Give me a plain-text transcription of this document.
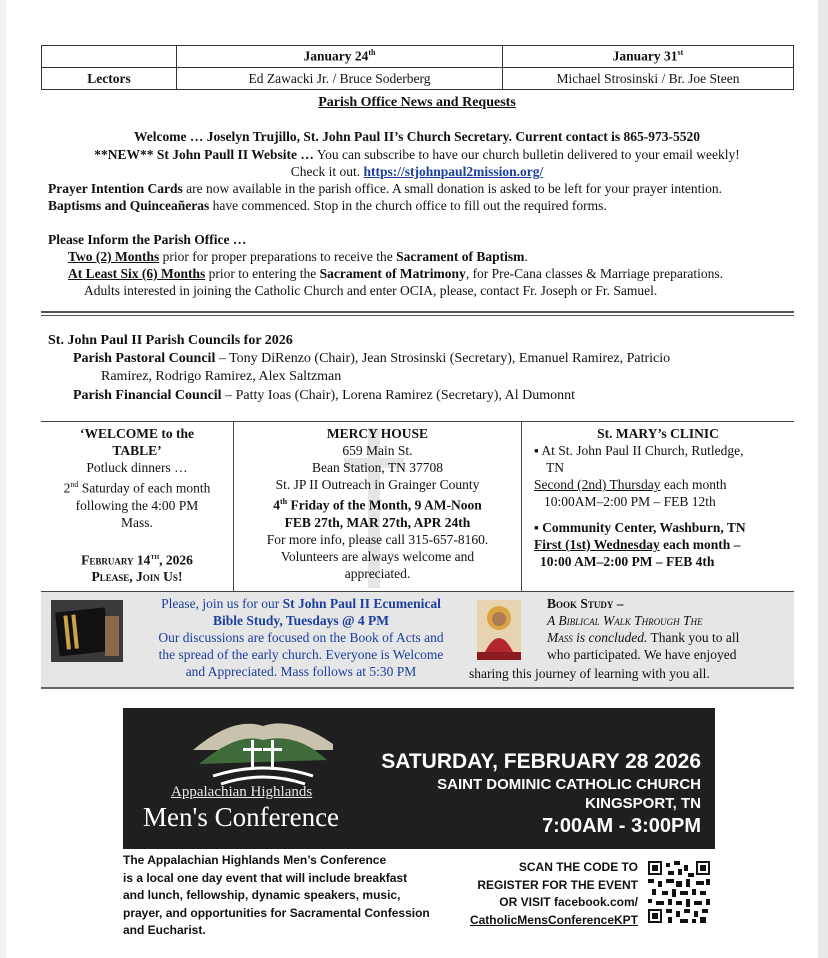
	January 24th	January 31st
Lectors	Ed Zawacki Jr. / Bruce Soderberg	Michael Strosinski / Br. Joe Steen
Parish Office News and Requests
Welcome … Joselyn Trujillo, St. John Paul II’s Church Secretary. Current contact is 865-973-5520
**NEW** St John Paull II Website … You can subscribe to have our church bulletin delivered to your email weekly!
Check it out. https://stjohnpaul2mission.org/
Prayer Intention Cards are now available in the parish office. A small donation is asked to be left for your prayer intention.
Baptisms and Quinceañeras have commenced. Stop in the church office to fill out the required forms.
Please Inform the Parish Office …
Two (2) Months prior for proper preparations to receive the Sacrament of Baptism.
At Least Six (6) Months prior to entering the Sacrament of Matrimony, for Pre-Cana classes & Marriage preparations.
Adults interested in joining the Catholic Church and enter OCIA, please, contact Fr. Joseph or Fr. Samuel.
St. John Paul II Parish Councils for 2026
Parish Pastoral Council – Tony DiRenzo (Chair), Jean Strosinski (Secretary), Emanuel Ramirez, Patricio
Ramirez, Rodrigo Ramirez, Alex Saltzman
Parish Financial Council – Patty Ioas (Chair), Lorena Ramirez (Secretary), Al Dumonnt
‘WELCOME to the
TABLE’
Potluck dinners …
2nd Saturday of each month
following the 4:00 PM
Mass.
February 14th, 2026
Please, Join Us!
MERCY HOUSE
659 Main St.
Bean Station, TN 37708
St. JP II Outreach in Grainger County
4th Friday of the Month, 9 AM-Noon
FEB 27th, MAR 27th, APR 24th
For more info, please call 315-657-8160.
Volunteers are always welcome and
appreciated.
St. MARY’s CLINIC
▪ At St. John Paul II Church, Rutledge,
TN
Second (2nd) Thursday each month
10:00AM–2:00 PM – FEB 12th
▪ Community Center, Washburn, TN
First (1st) Wednesday each month –
10:00 AM–2:00 PM – FEB 4th
Please, join us for our St John Paul II Ecumenical
Bible Study, Tuesdays @ 4 PM
Our discussions are focused on the Book of Acts and
the spread of the early church. Everyone is Welcome
and Appreciated. Mass follows at 5:30 PM
Book Study –
A Biblical Walk Through The
Mass is concluded. Thank you to all
who participated. We have enjoyed
sharing this journey of learning with you all.
Appalachian Highlands
Men's Conference
SATURDAY, FEBRUARY 28 2026
SAINT DOMINIC CATHOLIC CHURCH
KINGSPORT, TN
7:00AM - 3:00PM
The Appalachian Highlands Men’s Conference
is a local one day event that will include breakfast
and lunch, fellowship, dynamic speakers, music,
prayer, and opportunities for Sacramental Confession
and Eucharist.
SCAN THE CODE TO
REGISTER FOR THE EVENT
OR VISIT facebook.com/
CatholicMensConferenceKPT
